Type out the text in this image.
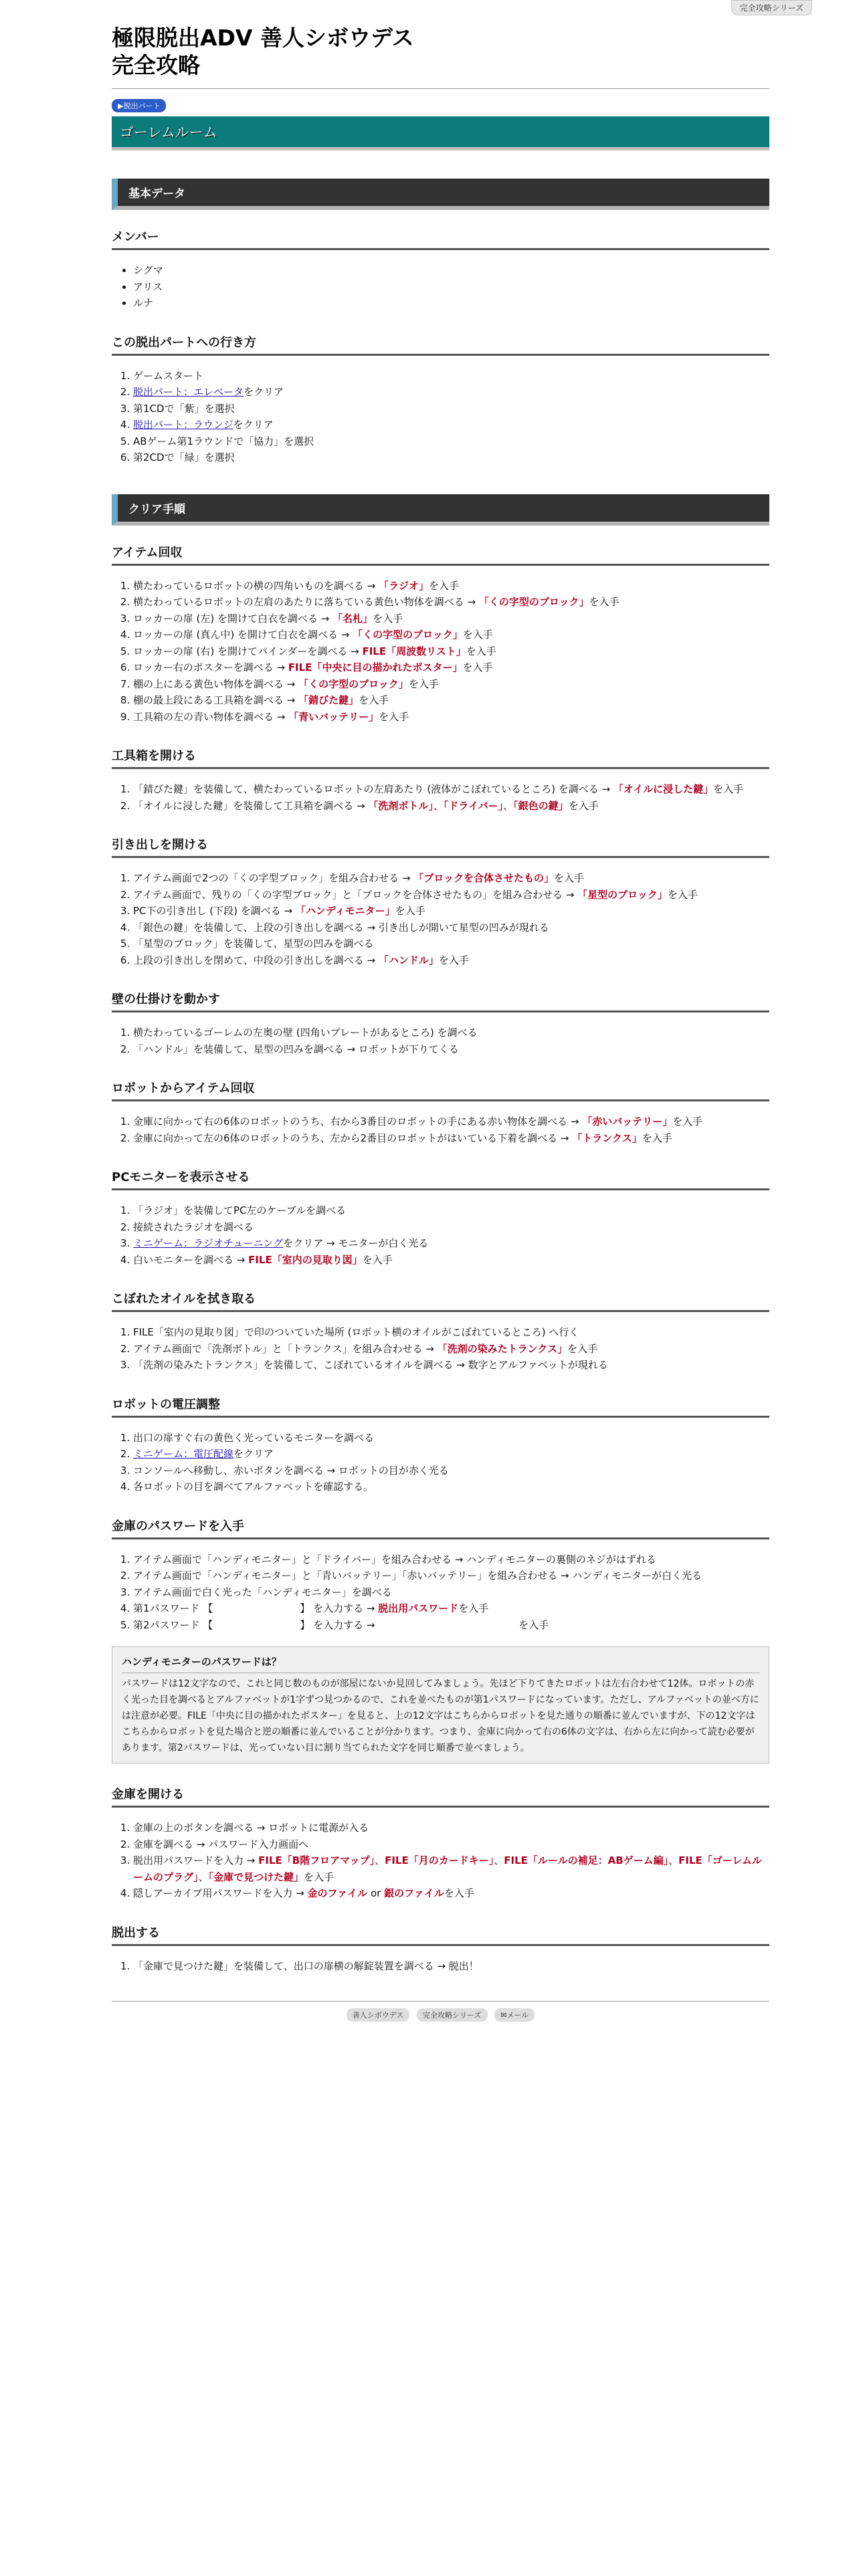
完全攻略シリーズ
極限脱出ADV 善人シボウデス
完全攻略
▶脱出パート
ゴーレムルーム
基本データ
メンバー
• シグマ
• アリス
• ルナ
この脱出パートへの行き方
1. ゲームスタート
2. 脱出パート：エレベータをクリア
3. 第1CDで「紫」を選択
4. 脱出パート：ラウンジをクリア
5. ABゲーム第1ラウンドで「協力」を選択
6. 第2CDで「緑」を選択
クリア手順
アイテム回収
1. 横たわっているロボットの横の四角いものを調べる → 「ラジオ」を入手
2. 横たわっているロボットの左肩のあたりに落ちている黄色い物体を調べる → 「くの字型のブロック」を入手
3. ロッカーの扉 (左) を開けて白衣を調べる → 「名札」を入手
4. ロッカーの扉 (真ん中) を開けて白衣を調べる → 「くの字型のブロック」を入手
5. ロッカーの扉 (右) を開けてバインダーを調べる → FILE「周波数リスト」を入手
6. ロッカー右のポスターを調べる → FILE「中央に目の描かれたポスター」を入手
7. 棚の上にある黄色い物体を調べる → 「くの字型のブロック」を入手
8. 棚の最上段にある工具箱を調べる → 「錆びた鍵」を入手
9. 工具箱の左の青い物体を調べる → 「青いバッテリー」を入手
工具箱を開ける
1. 「錆びた鍵」を装備して、横たわっているロボットの左肩あたり (液体がこぼれているところ) を調べる → 「オイルに浸した鍵」を入手
2. 「オイルに浸した鍵」を装備して工具箱を調べる → 「洗剤ボトル」、「ドライバー」、「銀色の鍵」を入手
引き出しを開ける
1. アイテム画面で2つの「くの字型ブロック」を組み合わせる → 「ブロックを合体させたもの」を入手
2. アイテム画面で、残りの「くの字型ブロック」と「ブロックを合体させたもの」を組み合わせる → 「星型のブロック」を入手
3. PC下の引き出し (下段) を調べる → 「ハンディモニター」を入手
4. 「銀色の鍵」を装備して、上段の引き出しを調べる → 引き出しが開いて星型の凹みが現れる
5. 「星型のブロック」を装備して、星型の凹みを調べる
6. 上段の引き出しを閉めて、中段の引き出しを調べる → 「ハンドル」を入手
壁の仕掛けを動かす
1. 横たわっているゴーレムの左奥の壁 (四角いプレートがあるところ) を調べる
2. 「ハンドル」を装備して、星型の凹みを調べる → ロボットが下りてくる
ロボットからアイテム回収
1. 金庫に向かって右の6体のロボットのうち、右から3番目のロボットの手にある赤い物体を調べる → 「赤いバッテリー」を入手
2. 金庫に向かって左の6体のロボットのうち、左から2番目のロボットがはいている下着を調べる → 「トランクス」を入手
PCモニターを表示させる
1. 「ラジオ」を装備してPC左のケーブルを調べる
2. 接続されたラジオを調べる
3. ミニゲーム：ラジオチューニングをクリア → モニターが白く光る
4. 白いモニターを調べる → FILE「室内の見取り図」を入手
こぼれたオイルを拭き取る
1. FILE「室内の見取り図」で印のついていた場所 (ロボット横のオイルがこぼれているところ) へ行く
2. アイテム画面で「洗剤ボトル」と「トランクス」を組み合わせる → 「洗剤の染みたトランクス」を入手
3. 「洗剤の染みたトランクス」を装備して、こぼれているオイルを調べる → 数字とアルファベットが現れる
ロボットの電圧調整
1. 出口の扉すぐ右の黄色く光っているモニターを調べる
2. ミニゲーム：電圧配線をクリア
3. コンソールへ移動し、赤いボタンを調べる → ロボットの目が赤く光る
4. 各ロボットの目を調べてアルファベットを確認する。
金庫のパスワードを入手
1. アイテム画面で「ハンディモニター」と「ドライバー」を組み合わせる → ハンディモニターの裏側のネジがはずれる
2. アイテム画面で「ハンディモニター」と「青いバッテリー」「赤いバッテリー」を組み合わせる → ハンディモニターが白く光る
3. アイテム画面で白く光った「ハンディモニター」を調べる
4. 第1パスワード 【	】 を入力する → 脱出用パスワードを入手
5. 第2パスワード 【	】 を入力する →	を入手
ハンディモニターのパスワードは？
パスワードは12文字なので、これと同じ数のものが部屋にないか見回してみましょう。先ほど下りてきたロボットは左右合わせて12体。ロボットの赤く光った目を調べるとアルファベットが1字ずつ見つかるので、これを並べたものが第1パスワードになっています。ただし、アルファベットの並べ方には注意が必要。FILE「中央に目の描かれたポスター」を見ると、上の12文字はこちらからロボットを見た通りの順番に並んでいますが、下の12文字はこちらからロボットを見た場合と逆の順番に並んでいることが分かります。つまり、金庫に向かって右の6体の文字は、右から左に向かって読む必要があります。第2パスワードは、光っていない目に割り当てられた文字を同じ順番で並べましょう。
金庫を開ける
1. 金庫の上のボタンを調べる → ロボットに電源が入る
2. 金庫を調べる → パスワード入力画面へ
3. 脱出用パスワードを入力 → FILE「B階フロアマップ」、FILE「月のカードキー」、FILE「ルールの補足：ABゲーム編」、FILE「ゴーレムルームのプラグ」、「金庫で見つけた鍵」を入手
4. 隠しアーカイブ用パスワードを入力 → 金のファイル or 銀のファイルを入手
脱出する
1. 「金庫で見つけた鍵」を装備して、出口の扉横の解錠装置を調べる → 脱出！
善人シボウデス	完全攻略シリーズ	✉メール
